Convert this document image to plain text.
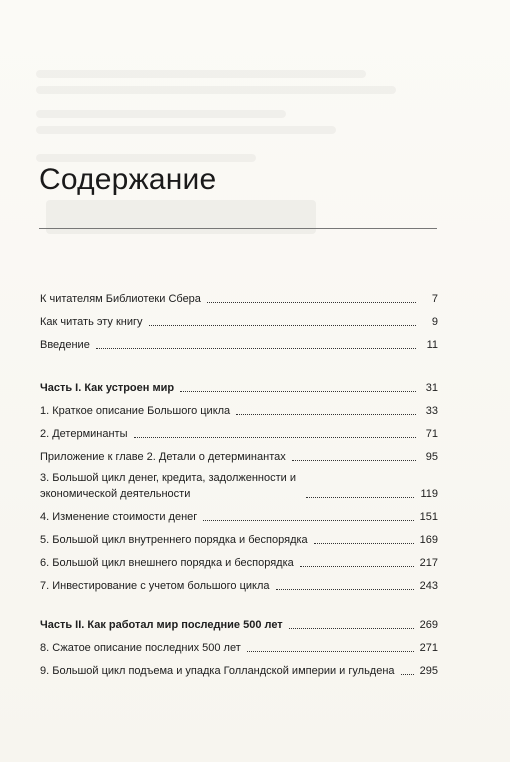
Содержание
К читателям Библиотеки Сбера	7
Как читать эту книгу	9
Введение	11
Часть I. Как устроен мир	31
1. Краткое описание Большого цикла	33
2. Детерминанты	71
Приложение к главе 2. Детали о детерминантах	95
3. Большой цикл денег, кредита, задолженности и экономической деятельности	119
4. Изменение стоимости денег	151
5. Большой цикл внутреннего порядка и беспорядка	169
6. Большой цикл внешнего порядка и беспорядка	217
7. Инвестирование с учетом большого цикла	243
Часть II. Как работал мир последние 500 лет	269
8. Сжатое описание последних 500 лет	271
9. Большой цикл подъема и упадка Голландской империи и гульдена 295
